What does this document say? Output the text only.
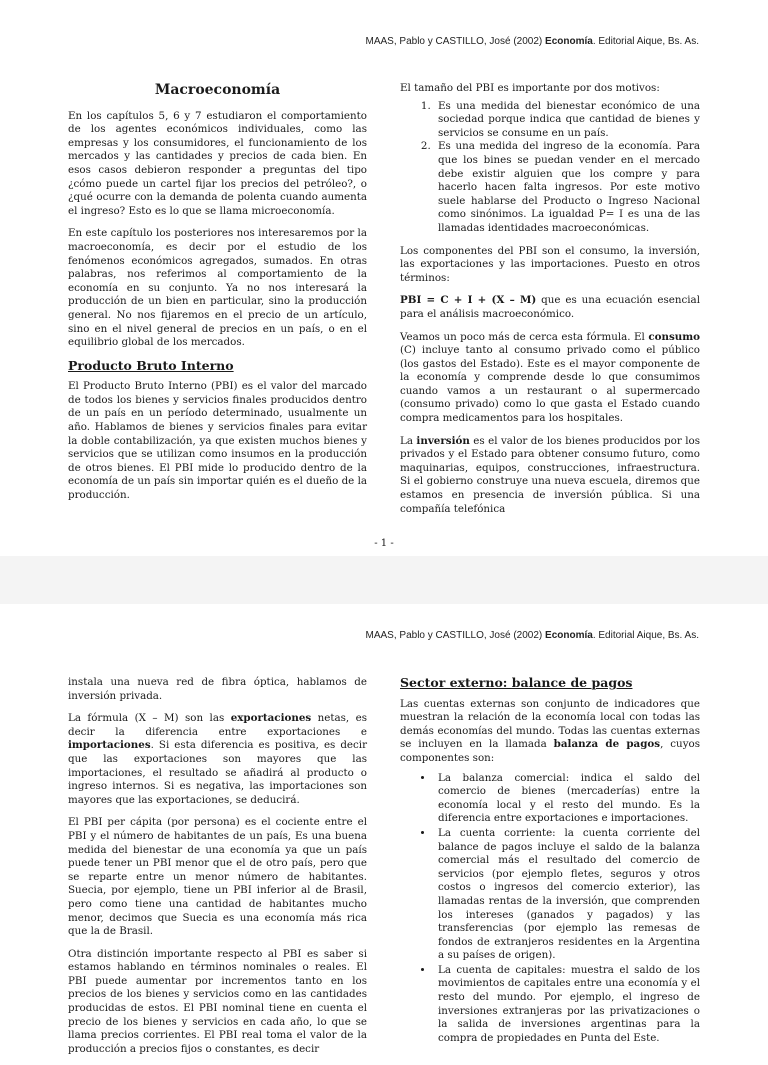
MAAS, Pablo y CASTILLO, José (2002) Economía. Editorial Aique, Bs. As.
Macroeconomía

En los capítulos 5, 6 y 7 estudiaron el comportamiento de los agentes económicos individuales, como las empresas y los consumidores, el funcionamiento de los mercados y las cantidades y precios de cada bien. En esos casos debieron responder a preguntas del tipo ¿cómo puede un cartel fijar los precios del petróleo?, o ¿qué ocurre con la demanda de polenta cuando aumenta el ingreso? Esto es lo que se llama microeconomía.

En este capítulo los posteriores nos interesaremos por la macroeconomía, es decir por el estudio de los fenómenos económicos agregados, sumados. En otras palabras, nos referimos al comportamiento de la economía en su conjunto. Ya no nos interesará la producción de un bien en particular, sino la producción general. No nos fijaremos en el precio de un artículo, sino en el nivel general de precios en un país, o en el equilibrio global de los mercados.

Producto Bruto Interno

El Producto Bruto Interno (PBI) es el valor del marcado de todos los bienes y servicios finales producidos dentro de un país en un período determinado, usualmente un año. Hablamos de bienes y servicios finales para evitar la doble contabilización, ya que existen muchos bienes y servicios que se utilizan como insumos en la producción de otros bienes. El PBI mide lo producido dentro de la economía de un país sin importar quién es el dueño de la producción.

El tamaño del PBI es importante por dos motivos:

1. Es una medida del bienestar económico de una sociedad porque indica que cantidad de bienes y servicios se consume en un país.
2. Es una medida del ingreso de la economía. Para que los bines se puedan vender en el mercado debe existir alguien que los compre y para hacerlo hacen falta ingresos. Por este motivo suele hablarse del Producto o Ingreso Nacional como sinónimos. La igualdad P= I es una de las llamadas identidades macroeconómicas.

Los componentes del PBI son el consumo, la inversión, las exportaciones y las importaciones. Puesto en otros términos:

PBI = C + I + (X – M) que es una ecuación esencial para el análisis macroeconómico.

Veamos un poco más de cerca esta fórmula. El consumo (C) incluye tanto al consumo privado como el público (los gastos del Estado). Este es el mayor componente de la economía y comprende desde lo que consumimos cuando vamos a un restaurant o al supermercado (consumo privado) como lo que gasta el Estado cuando compra medicamentos para los hospitales.

La inversión es el valor de los bienes producidos por los privados y el Estado para obtener consumo futuro, como maquinarias, equipos, construcciones, infraestructura. Si el gobierno construye una nueva escuela, diremos que estamos en presencia de inversión pública. Si una compañía telefónica

- 1 -
MAAS, Pablo y CASTILLO, José (2002) Economía. Editorial Aique, Bs. As.

instala una nueva red de fibra óptica, hablamos de inversión privada.

La fórmula (X – M) son las exportaciones netas, es decir la diferencia entre exportaciones e importaciones. Si esta diferencia es positiva, es decir que las exportaciones son mayores que las importaciones, el resultado se añadirá al producto o ingreso internos. Si es negativa, las importaciones son mayores que las exportaciones, se deducirá.

El PBI per cápita (por persona) es el cociente entre el PBI y el número de habitantes de un país, Es una buena medida del bienestar de una economía ya que un país puede tener un PBI menor que el de otro país, pero que se reparte entre un menor número de habitantes. Suecia, por ejemplo, tiene un PBI inferior al de Brasil, pero como tiene una cantidad de habitantes mucho menor, decimos que Suecia es una economía más rica que la de Brasil.

Otra distinción importante respecto al PBI es saber si estamos hablando en términos nominales o reales. El PBI puede aumentar por incrementos tanto en los precios de los bienes y servicios como en las cantidades producidas de estos. El PBI nominal tiene en cuenta el precio de los bienes y servicios en cada año, lo que se llama precios corrientes. El PBI real toma el valor de la producción a precios fijos o constantes, es decir

Sector externo: balance de pagos

Las cuentas externas son conjunto de indicadores que muestran la relación de la economía local con todas las demás economías del mundo. Todas las cuentas externas se incluyen en la llamada balanza de pagos, cuyos componentes son:

• La balanza comercial: indica el saldo del comercio de bienes (mercaderías) entre la economía local y el resto del mundo. Es la diferencia entre exportaciones e importaciones.
• La cuenta corriente: la cuenta corriente del balance de pagos incluye el saldo de la balanza comercial más el resultado del comercio de servicios (por ejemplo fletes, seguros y otros costos o ingresos del comercio exterior), las llamadas rentas de la inversión, que comprenden los intereses (ganados y pagados) y las transferencias (por ejemplo las remesas de fondos de extranjeros residentes en la Argentina a su países de origen).
• La cuenta de capitales: muestra el saldo de los movimientos de capitales entre una economía y el resto del mundo. Por ejemplo, el ingreso de inversiones extranjeras por las privatizaciones o la salida de inversiones argentinas para la compra de propiedades en Punta del Este.
